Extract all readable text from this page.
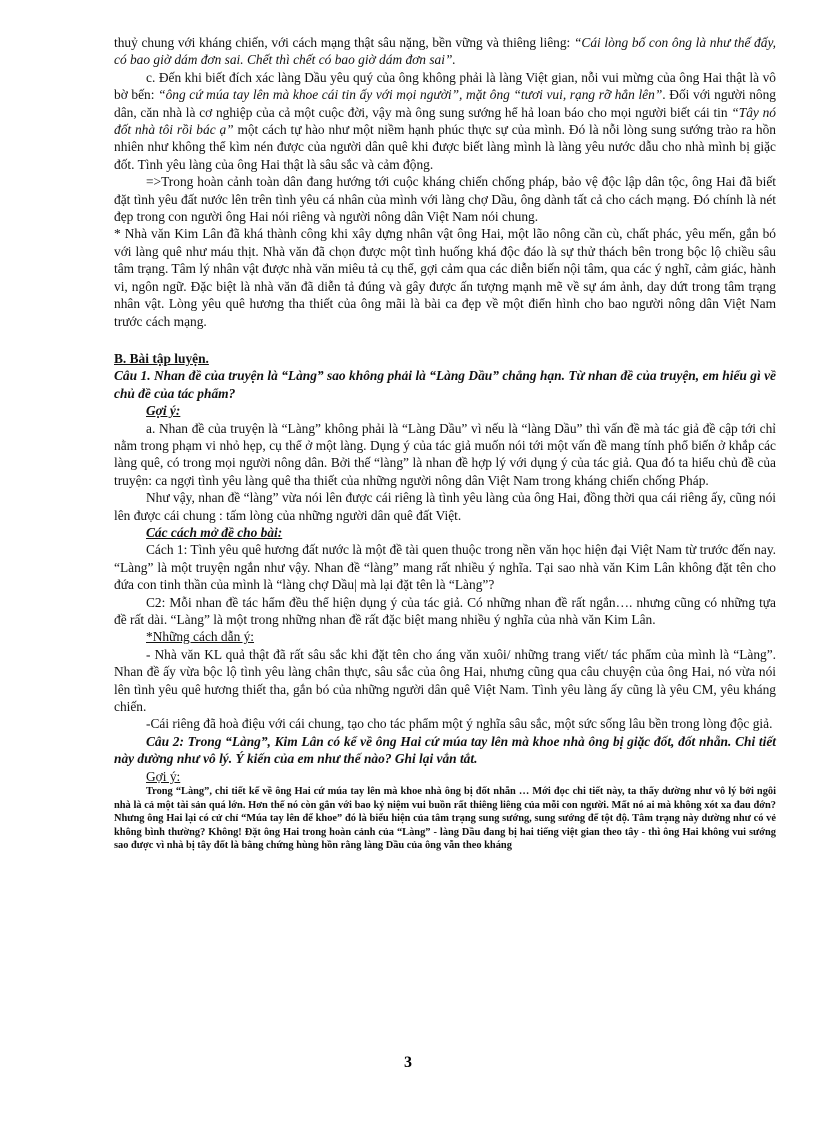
thuỷ chung với kháng chiến, với cách mạng thật sâu nặng, bền vững và thiêng liêng: “Cái lòng bố con ông là như thế đấy, có bao giờ dám đơn sai. Chết thì chết có bao giờ dám đơn sai”.

c. Đến khi biết đích xác làng Dầu yêu quý của ông không phải là làng Việt gian, nỗi vui mừng của ông Hai thật là vô bờ bến: “ông cứ múa tay lên mà khoe cái tin ấy với mọi người”, mặt ông “tươi vui, rạng rỡ hẳn lên”. Đối với người nông dân, căn nhà là cơ nghiệp của cả một cuộc đời, vậy mà ông sung sướng hể hả loan báo cho mọi người biết cái tin “Tây nó đốt nhà tôi rồi bác ạ” một cách tự hào như một niềm hạnh phúc thực sự của mình. Đó là nỗi lòng sung sướng trào ra hồn nhiên như không thể kìm nén được của người dân quê khi được biết làng mình là làng yêu nước dẫu cho nhà mình bị giặc đốt. Tình yêu làng của ông Hai thật là sâu sắc và cảm động.

=>Trong hoàn cảnh toàn dân đang hướng tới cuộc kháng chiến chống pháp, bảo vệ độc lập dân tộc, ông Hai đã biết đặt tình yêu đất nước lên trên tình yêu cá nhân của mình với làng chợ Dầu, ông dành tất cả cho cách mạng. Đó chính là nét đẹp trong con người ông Hai nói riêng và người nông dân Việt Nam nói chung.

* Nhà văn Kim Lân đã khá thành công khi xây dựng nhân vật ông Hai, một lão nông cần cù, chất phác, yêu mến, gắn bó với làng quê như máu thịt. Nhà văn đã chọn được một tình huống khá độc đáo là sự thử thách bên trong bộc lộ chiều sâu tâm trạng. Tâm lý nhân vật được nhà văn miêu tả cụ thể, gợi cảm qua các diễn biến nội tâm, qua các ý nghĩ, cảm giác, hành vi, ngôn ngữ. Đặc biệt là nhà văn đã diễn tả đúng và gây được ấn tượng mạnh mẽ về sự ám ảnh, day dứt trong tâm trạng nhân vật. Lòng yêu quê hương tha thiết của ông mãi là bài ca đẹp về một điển hình cho bao người nông dân Việt Nam trước cách mạng.

B. Bài tập luyện.

Câu 1. Nhan đề của truyện là “Làng” sao không phải là “Làng Dầu” chẳng hạn. Từ nhan đề của truyện, em hiểu gì về chủ đề của tác phẩm?

Gợi ý:

a. Nhan đề của truyện là “Làng” không phải là “Làng Dầu” vì nếu là “làng Dầu” thì vấn đề mà tác giả đề cập tới chỉ nằm trong phạm vi nhỏ hẹp, cụ thể ở một làng. Dụng ý của tác giả muốn nói tới một vấn đề mang tính phổ biến ở khắp các làng quê, có trong mọi người nông dân. Bởi thế “làng” là nhan đề hợp lý với dụng ý của tác giả. Qua đó ta hiểu chủ đề của truyện: ca ngợi tình yêu làng quê tha thiết của những người nông dân Việt Nam trong kháng chiến chống Pháp.

Như vậy, nhan đề “làng” vừa nói lên được cái riêng là tình yêu làng của ông Hai, đồng thời qua cái riêng ấy, cũng nói lên được cái chung : tấm lòng của những người dân quê đất Việt.

Các cách mở đề cho bài:

Cách 1: Tình yêu quê hương đất nước là một đề tài quen thuộc trong nền văn học hiện đại Việt Nam từ trước đến nay. “Làng” là một truyện ngắn như vậy. Nhan đề “làng” mang rất nhiều ý nghĩa. Tại sao nhà văn Kim Lân không đặt tên cho đứa con tinh thần của mình là “làng chợ Dầu| mà lại đặt tên là “Làng”?

C2: Mỗi nhan đề tác hẩm đều thể hiện dụng ý của tác giả. Có những nhan đề rất ngắn…. nhưng cũng có những tựa đề rất dài. “Làng” là một trong những nhan đề rất đặc biệt mang nhiều ý nghĩa của nhà văn Kim Lân.

*Những cách dẫn ý:

- Nhà văn KL quả thật đã rất sâu sắc khi đặt tên cho áng văn xuôi/ những trang viết/ tác phẩm của mình là “Làng”. Nhan đề ấy vừa bộc lộ tình yêu làng chân thực, sâu sắc của ông Hai, nhưng cũng qua câu chuyện của ông Hai, nó vừa nói lên tình yêu quê hương thiết tha, gắn bó của những người dân quê Việt Nam. Tình yêu làng ấy cũng là yêu CM, yêu kháng chiến.

-Cái riêng đã hoà điệu với cái chung, tạo cho tác phẩm một ý nghĩa sâu sắc, một sức sống lâu bền trong lòng độc giả.

Câu 2: Trong “Làng”, Kim Lân có kể về ông Hai cứ múa tay lên mà khoe nhà ông bị giặc đốt, đốt nhẵn. Chi tiết này dường như vô lý. Ý kiến của em như thế nào? Ghi lại vắn tắt.

Gợi ý:

Trong “Làng”, chi tiết kể về ông Hai cứ múa tay lên mà khoe nhà ông bị đốt nhẵn … Mới đọc chi tiết này, ta thấy dường như vô lý bởi ngôi nhà là cả một tài sản quá lớn. Hơn thế nó còn gắn với bao kỷ niệm vui buồn rất thiêng liêng của mỗi con người. Mất nó ai mà không xót xa đau đớn? Nhưng ông Hai lại có cử chỉ “Múa tay lên để khoe” đó là biểu hiện của tâm trạng sung sướng, sung sướng để tột độ. Tâm trạng này dường như có vẻ không bình thường? Không! Đặt ông Hai trong hoàn cảnh của “Làng” - làng Dầu đang bị hai tiếng việt gian theo tây - thì ông Hai không vui sướng sao được vì nhà bị tây đốt là bằng chứng hùng hồn rằng làng Dầu của ông vẫn theo kháng

3
